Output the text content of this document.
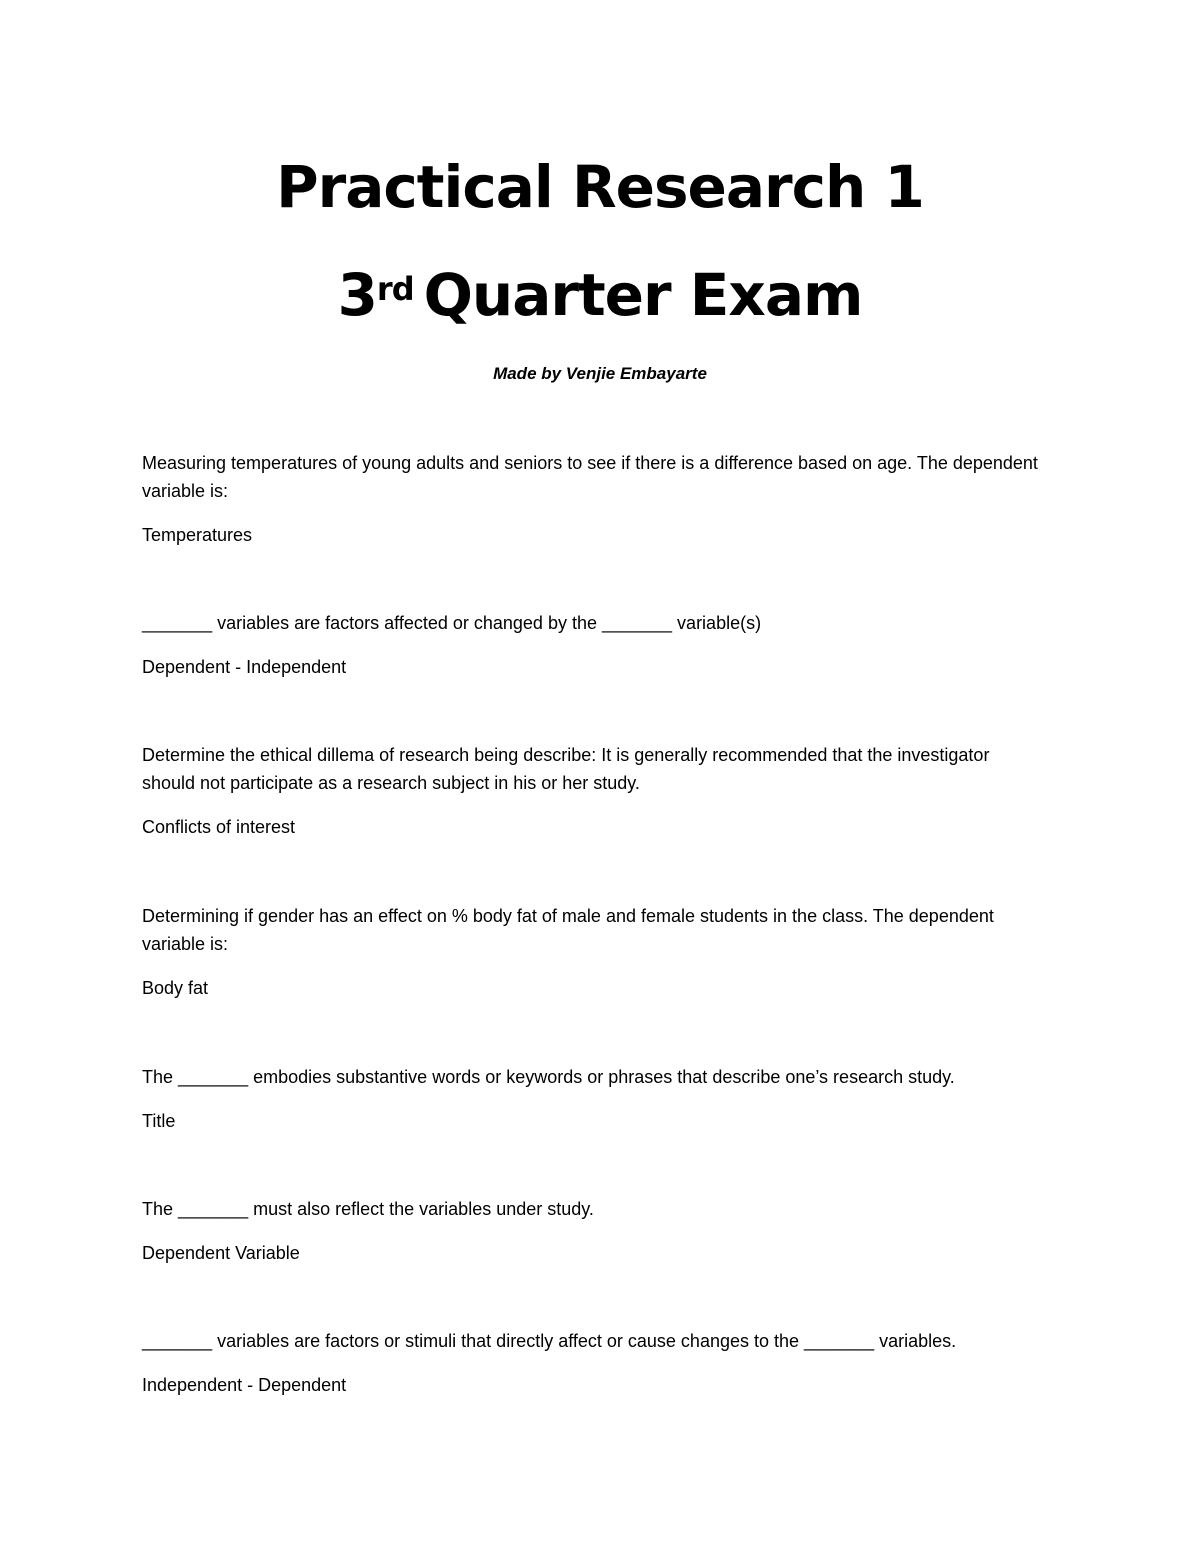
Practical Research 1

3rd Quarter Exam

Made by Venjie Embayarte

Measuring temperatures of young adults and seniors to see if there is a difference based on age. The dependent variable is:

Temperatures

_______ variables are factors affected or changed by the _______ variable(s)

Dependent - Independent

Determine the ethical dillema of research being describe: It is generally recommended that the investigator should not participate as a research subject in his or her study.

Conflicts of interest

Determining if gender has an effect on % body fat of male and female students in the class. The dependent variable is:

Body fat

The _______ embodies substantive words or keywords or phrases that describe one’s research study.

Title

The _______ must also reflect the variables under study.

Dependent Variable

_______ variables are factors or stimuli that directly affect or cause changes to the _______ variables.

Independent - Dependent
